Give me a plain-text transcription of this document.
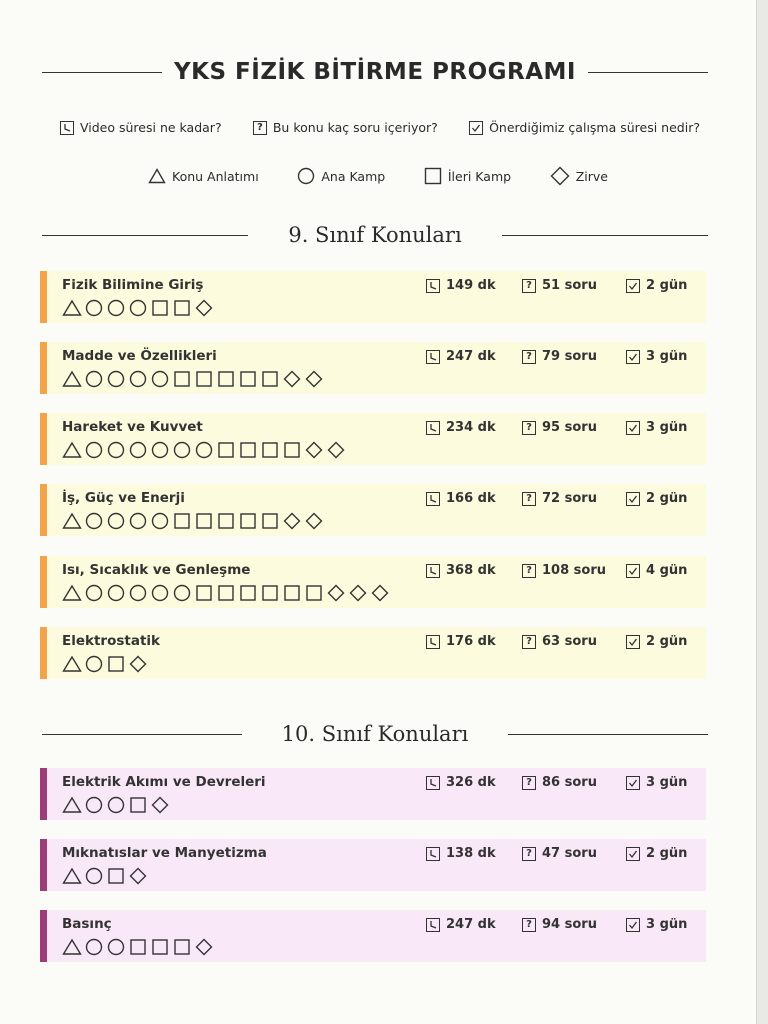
YKS FİZİK BİTİRME PROGRAMI
Video süresi ne kadar?	? Bu konu kaç soru içeriyor?	Önerdiğimiz çalışma süresi nedir?
Konu Anlatımı	Ana Kamp	İleri Kamp	Zirve
9. Sınıf Konuları
Fizik Bilimine Giriş	149 dk	? 51 soru	2 gün
Madde ve Özellikleri	247 dk	? 79 soru	3 gün
Hareket ve Kuvvet	234 dk	? 95 soru	3 gün
İş, Güç ve Enerji	166 dk	? 72 soru	2 gün
Isı, Sıcaklık ve Genleşme	368 dk	? 108 soru	4 gün
Elektrostatik	176 dk	? 63 soru	2 gün
10. Sınıf Konuları
Elektrik Akımı ve Devreleri	326 dk	? 86 soru	3 gün
Mıknatıslar ve Manyetizma	138 dk	? 47 soru	2 gün
Basınç	247 dk	? 94 soru	3 gün
